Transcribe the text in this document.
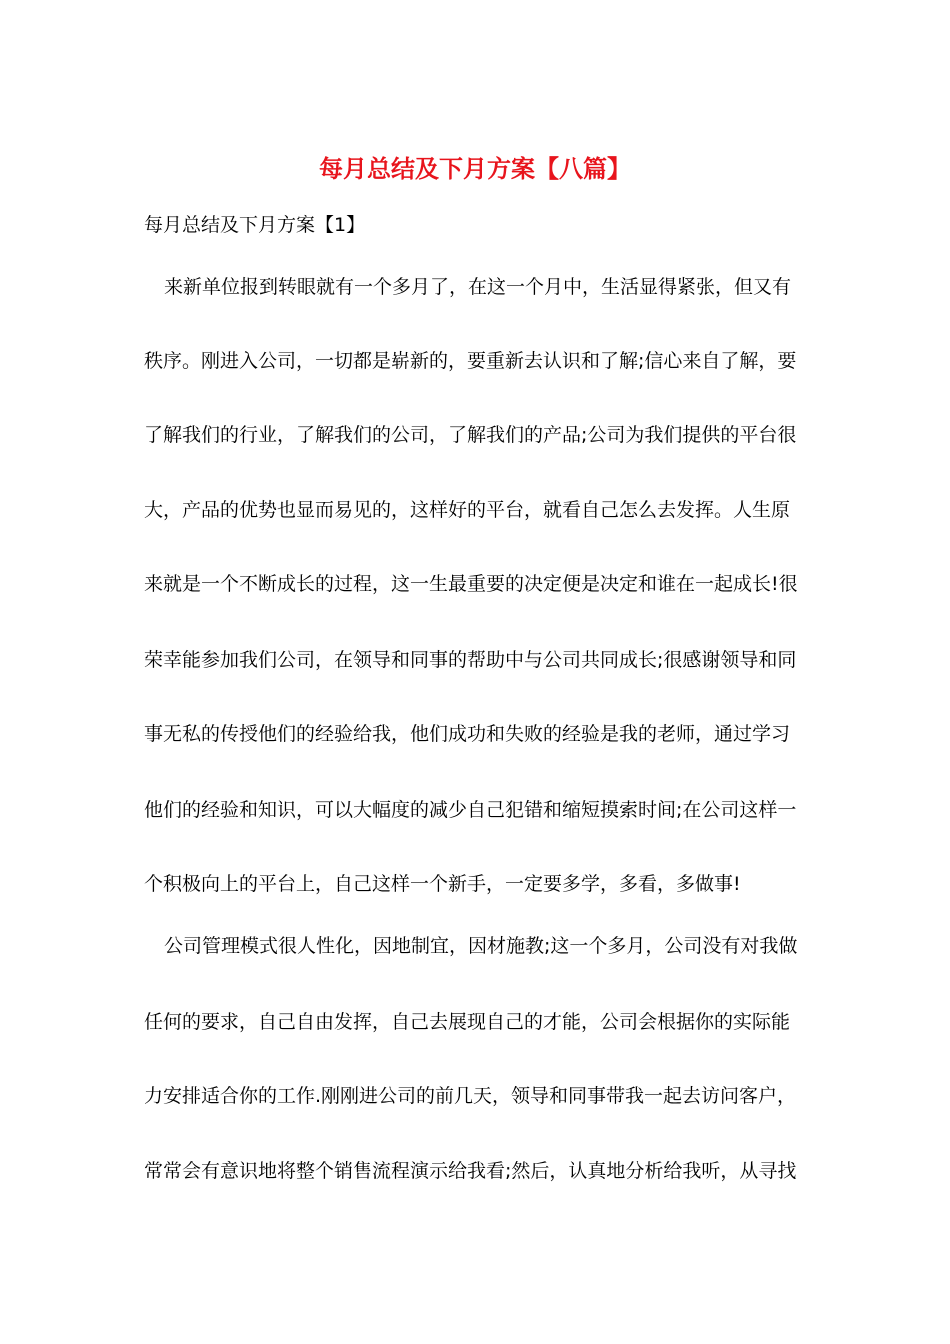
每月总结及下月方案【八篇】

每月总结及下月方案【1】

来新单位报到转眼就有一个多月了，在这一个月中，生活显得紧张，但又有

秩序。刚进入公司，一切都是崭新的，要重新去认识和了解;信心来自了解，要

了解我们的行业，了解我们的公司，了解我们的产品;公司为我们提供的平台很

大，产品的优势也显而易见的，这样好的平台，就看自己怎么去发挥。人生原

来就是一个不断成长的过程，这一生最重要的决定便是决定和谁在一起成长!很

荣幸能参加我们公司，在领导和同事的帮助中与公司共同成长;很感谢领导和同

事无私的传授他们的经验给我，他们成功和失败的经验是我的老师，通过学习

他们的经验和知识，可以大幅度的减少自己犯错和缩短摸索时间;在公司这样一

个积极向上的平台上，自己这样一个新手，一定要多学，多看，多做事!

公司管理模式很人性化，因地制宜，因材施教;这一个多月，公司没有对我做

任何的要求，自己自由发挥，自己去展现自己的才能，公司会根据你的实际能

力安排适合你的工作.刚刚进公司的前几天，领导和同事带我一起去访问客户，

常常会有意识地将整个销售流程演示给我看;然后，认真地分析给我听，从寻找
